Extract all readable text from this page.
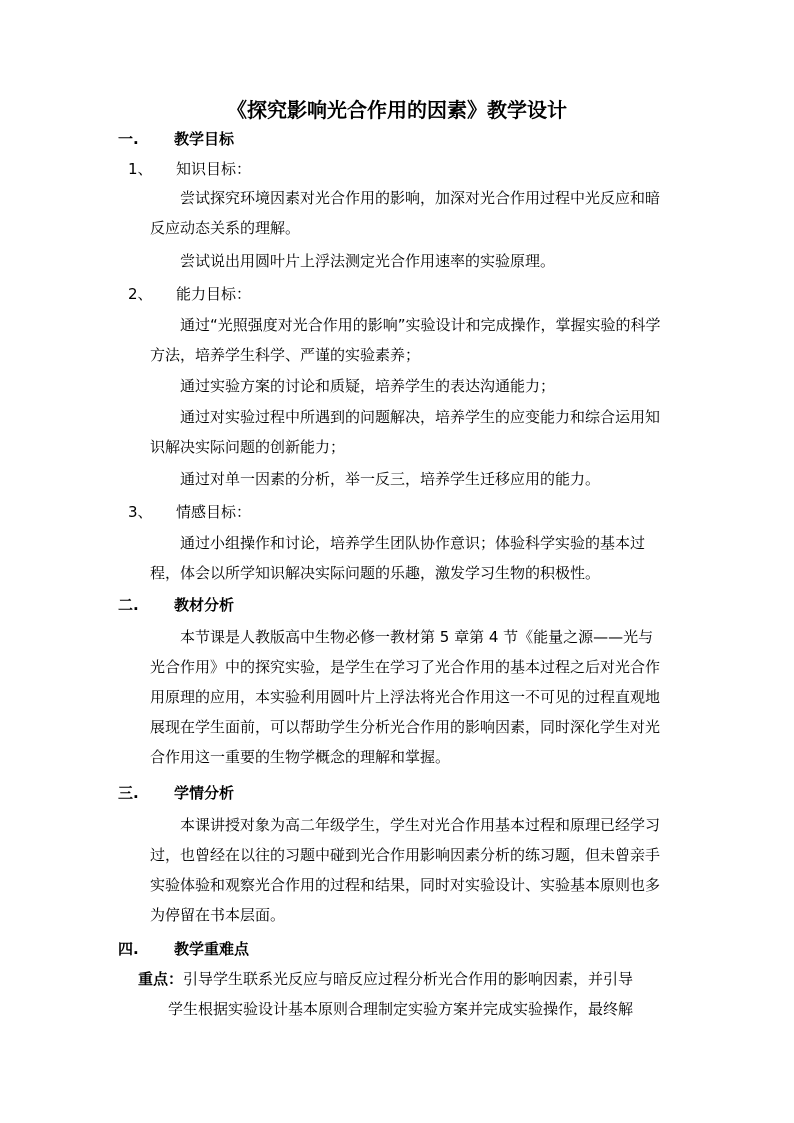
《探究影响光合作用的因素》教学设计
一. 教学目标
1、 知识目标：
尝试探究环境因素对光合作用的影响，加深对光合作用过程中光反应和暗反应动态关系的理解。
尝试说出用圆叶片上浮法测定光合作用速率的实验原理。
2、 能力目标：
通过“光照强度对光合作用的影响”实验设计和完成操作，掌握实验的科学方法，培养学生科学、严谨的实验素养；
通过实验方案的讨论和质疑，培养学生的表达沟通能力；
通过对实验过程中所遇到的问题解决，培养学生的应变能力和综合运用知识解决实际问题的创新能力；
通过对单一因素的分析，举一反三，培养学生迁移应用的能力。
3、 情感目标：
通过小组操作和讨论，培养学生团队协作意识；体验科学实验的基本过程，体会以所学知识解决实际问题的乐趣，激发学习生物的积极性。
二. 教材分析
本节课是人教版高中生物必修一教材第 5 章第 4 节《能量之源——光与光合作用》中的探究实验，是学生在学习了光合作用的基本过程之后对光合作用原理的应用，本实验利用圆叶片上浮法将光合作用这一不可见的过程直观地展现在学生面前，可以帮助学生分析光合作用的影响因素，同时深化学生对光合作用这一重要的生物学概念的理解和掌握。
三. 学情分析
本课讲授对象为高二年级学生，学生对光合作用基本过程和原理已经学习过，也曾经在以往的习题中碰到光合作用影响因素分析的练习题，但未曾亲手实验体验和观察光合作用的过程和结果，同时对实验设计、实验基本原则也多为停留在书本层面。
四. 教学重难点
重点：引导学生联系光反应与暗反应过程分析光合作用的影响因素，并引导
学生根据实验设计基本原则合理制定实验方案并完成实验操作，最终解
